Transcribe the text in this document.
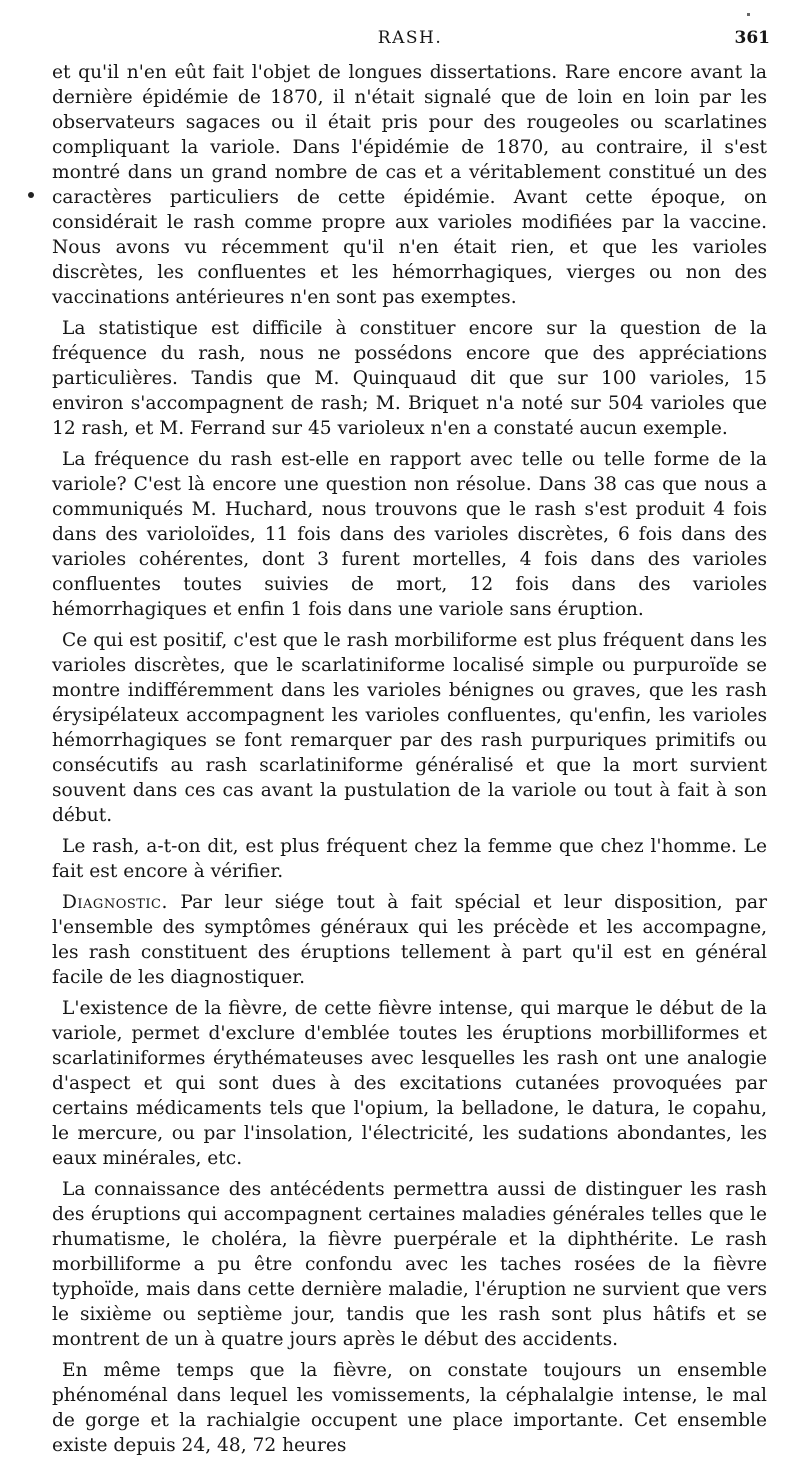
RASH.	361

et qu'il n'en eût fait l'objet de longues dissertations. Rare encore avant la dernière épidémie de 1870, il n'était signalé que de loin en loin par les observateurs sagaces ou il était pris pour des rougeoles ou scarlatines compliquant la variole. Dans l'épidémie de 1870, au contraire, il s'est montré dans un grand nombre de cas et a véritablement constitué un des caractères particuliers de cette épidémie. Avant cette époque, on considérait le rash comme propre aux varioles modifiées par la vaccine. Nous avons vu récemment qu'il n'en était rien, et que les varioles discrètes, les confluentes et les hémorrhagiques, vierges ou non des vaccinations antérieures n'en sont pas exemptes.

La statistique est difficile à constituer encore sur la question de la fréquence du rash, nous ne possédons encore que des appréciations particulières. Tandis que M. Quinquaud dit que sur 100 varioles, 15 environ s'accompagnent de rash; M. Briquet n'a noté sur 504 varioles que 12 rash, et M. Ferrand sur 45 varioleux n'en a constaté aucun exemple.

La fréquence du rash est-elle en rapport avec telle ou telle forme de la variole? C'est là encore une question non résolue. Dans 38 cas que nous a communiqués M. Huchard, nous trouvons que le rash s'est produit 4 fois dans des varioloïdes, 11 fois dans des varioles discrètes, 6 fois dans des varioles cohérentes, dont 3 furent mortelles, 4 fois dans des varioles confluentes toutes suivies de mort, 12 fois dans des varioles hémorrhagiques et enfin 1 fois dans une variole sans éruption.

Ce qui est positif, c'est que le rash morbiliforme est plus fréquent dans les varioles discrètes, que le scarlatiniforme localisé simple ou purpuroïde se montre indifféremment dans les varioles bénignes ou graves, que les rash érysipélateux accompagnent les varioles confluentes, qu'enfin, les varioles hémorrhagiques se font remarquer par des rash purpuriques primitifs ou consécutifs au rash scarlatiniforme généralisé et que la mort survient souvent dans ces cas avant la pustulation de la variole ou tout à fait à son début.

Le rash, a-t-on dit, est plus fréquent chez la femme que chez l'homme. Le fait est encore à vérifier.

Diagnostic. Par leur siége tout à fait spécial et leur disposition, par l'ensemble des symptômes généraux qui les précède et les accompagne, les rash constituent des éruptions tellement à part qu'il est en général facile de les diagnostiquer.

L'existence de la fièvre, de cette fièvre intense, qui marque le début de la variole, permet d'exclure d'emblée toutes les éruptions morbilliformes et scarlatiniformes érythémateuses avec lesquelles les rash ont une analogie d'aspect et qui sont dues à des excitations cutanées provoquées par certains médicaments tels que l'opium, la belladone, le datura, le copahu, le mercure, ou par l'insolation, l'électricité, les sudations abondantes, les eaux minérales, etc.

La connaissance des antécédents permettra aussi de distinguer les rash des éruptions qui accompagnent certaines maladies générales telles que le rhumatisme, le choléra, la fièvre puerpérale et la diphthérite. Le rash morbilliforme a pu être confondu avec les taches rosées de la fièvre typhoïde, mais dans cette dernière maladie, l'éruption ne survient que vers le sixième ou septième jour, tandis que les rash sont plus hâtifs et se montrent de un à quatre jours après le début des accidents.

En même temps que la fièvre, on constate toujours un ensemble phénoménal dans lequel les vomissements, la céphalalgie intense, le mal de gorge et la rachialgie occupent une place importante. Cet ensemble existe depuis 24, 48, 72 heures
